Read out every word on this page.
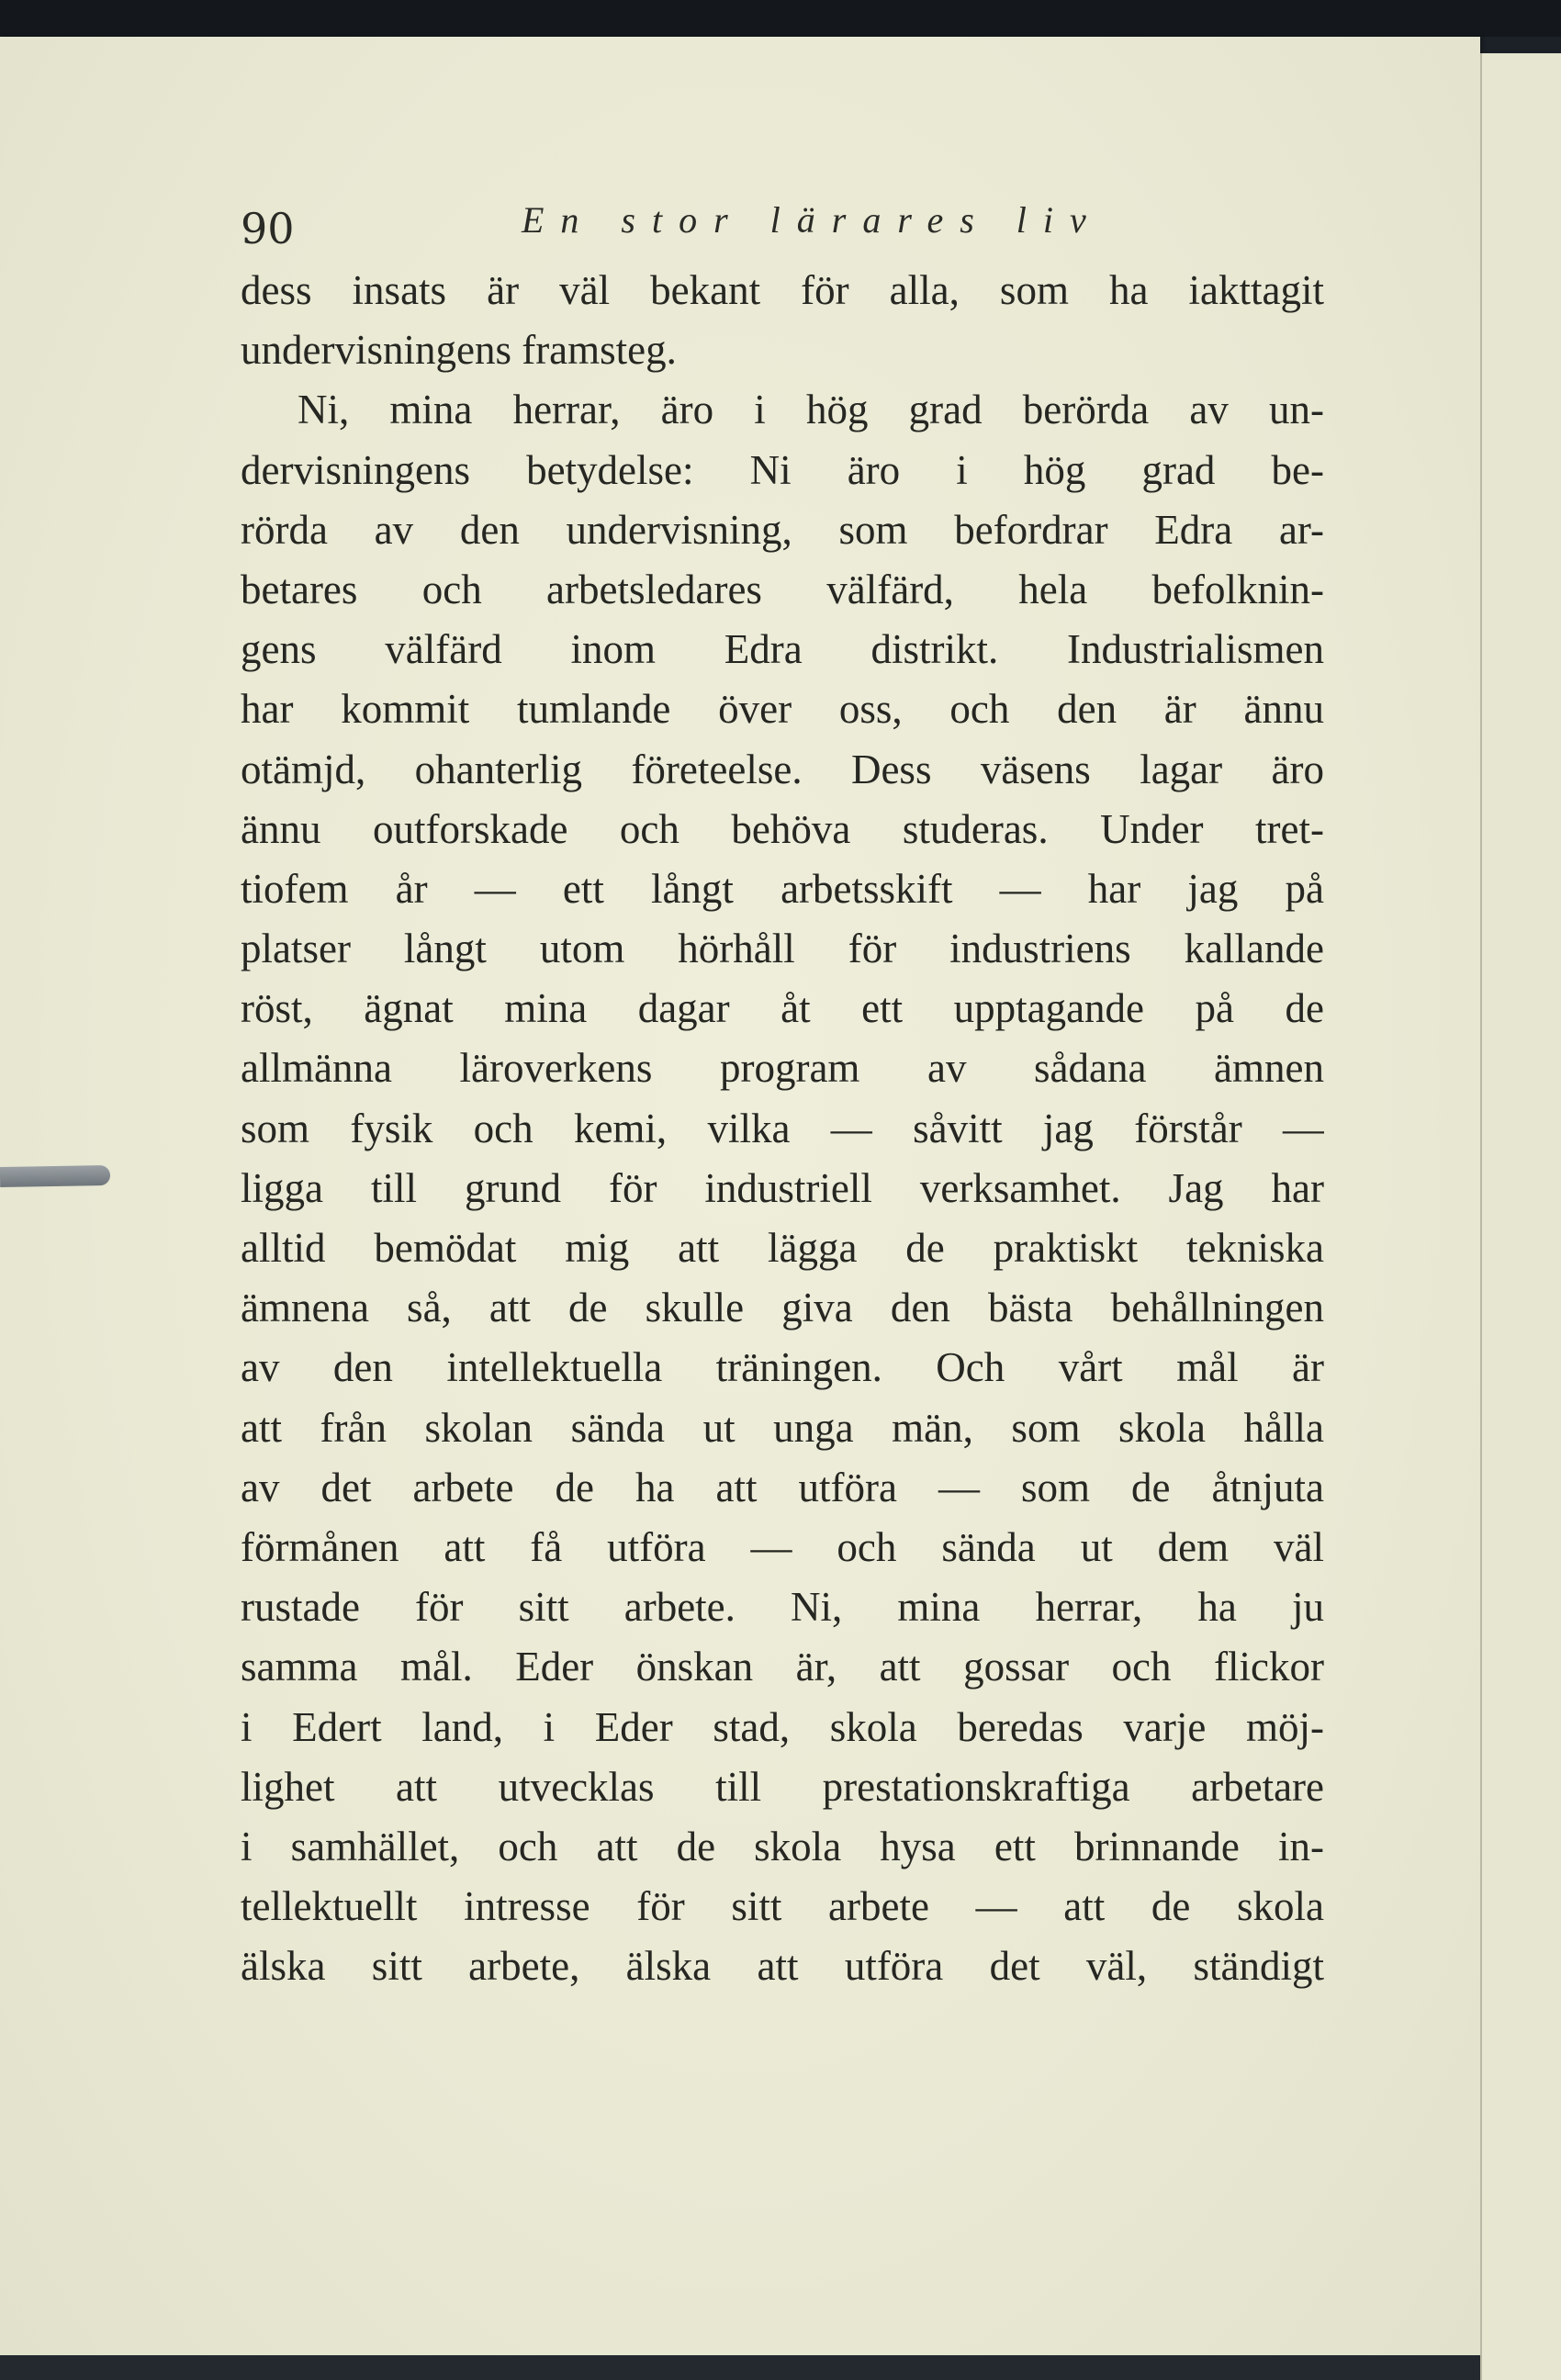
90	En stor lärares liv
dess insats är väl bekant för alla, som ha iakttagit
undervisningens framsteg.
Ni, mina herrar, äro i hög grad berörda av un-
dervisningens betydelse: Ni äro i hög grad be-
rörda av den undervisning, som befordrar Edra ar-
betares och arbetsledares välfärd, hela befolknin-
gens välfärd inom Edra distrikt. Industrialismen
har kommit tumlande över oss, och den är ännu
otämjd, ohanterlig företeelse. Dess väsens lagar äro
ännu outforskade och behöva studeras. Under tret-
tiofem år — ett långt arbetsskift — har jag på
platser långt utom hörhåll för industriens kallande
röst, ägnat mina dagar åt ett upptagande på de
allmänna läroverkens program av sådana ämnen
som fysik och kemi, vilka — såvitt jag förstår —
ligga till grund för industriell verksamhet. Jag har
alltid bemödat mig att lägga de praktiskt tekniska
ämnena så, att de skulle giva den bästa behållningen
av den intellektuella träningen. Och vårt mål är
att från skolan sända ut unga män, som skola hålla
av det arbete de ha att utföra — som de åtnjuta
förmånen att få utföra — och sända ut dem väl
rustade för sitt arbete. Ni, mina herrar, ha ju
samma mål. Eder önskan är, att gossar och flickor
i Edert land, i Eder stad, skola beredas varje möj-
lighet att utvecklas till prestationskraftiga arbetare
i samhället, och att de skola hysa ett brinnande in-
tellektuellt intresse för sitt arbete — att de skola
älska sitt arbete, älska att utföra det väl, ständigt
